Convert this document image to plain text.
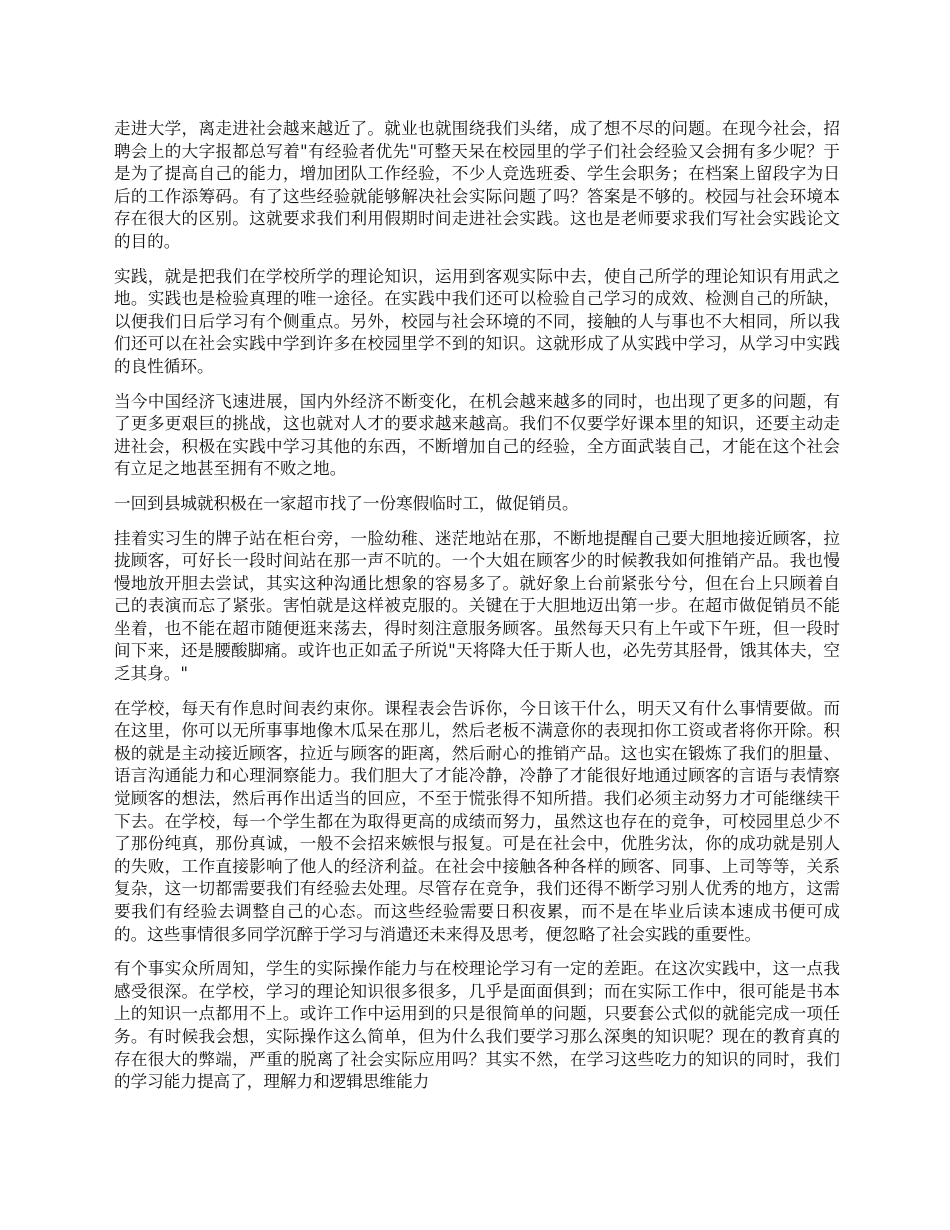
走进大学，离走进社会越来越近了。就业也就围绕我们头绪，成了想不尽的问题。在现今社会，招聘会上的大字报都总写着"有经验者优先"可整天呆在校园里的学子们社会经验又会拥有多少呢？于是为了提高自己的能力，增加团队工作经验，不少人竞选班委、学生会职务；在档案上留段字为日后的工作添筹码。有了这些经验就能够解决社会实际问题了吗？答案是不够的。校园与社会环境本存在很大的区别。这就要求我们利用假期时间走进社会实践。这也是老师要求我们写社会实践论文的目的。

实践，就是把我们在学校所学的理论知识，运用到客观实际中去，使自己所学的理论知识有用武之地。实践也是检验真理的唯一途径。在实践中我们还可以检验自己学习的成效、检测自己的所缺，以便我们日后学习有个侧重点。另外，校园与社会环境的不同，接触的人与事也不大相同，所以我们还可以在社会实践中学到许多在校园里学不到的知识。这就形成了从实践中学习，从学习中实践的良性循环。

当今中国经济飞速进展，国内外经济不断变化，在机会越来越多的同时，也出现了更多的问题，有了更多更艰巨的挑战，这也就对人才的要求越来越高。我们不仅要学好课本里的知识，还要主动走进社会，积极在实践中学习其他的东西，不断增加自己的经验，全方面武装自己，才能在这个社会有立足之地甚至拥有不败之地。

一回到县城就积极在一家超市找了一份寒假临时工，做促销员。

挂着实习生的牌子站在柜台旁，一脸幼稚、迷茫地站在那，不断地提醒自己要大胆地接近顾客，拉拢顾客，可好长一段时间站在那一声不吭的。一个大姐在顾客少的时候教我如何推销产品。我也慢慢地放开胆去尝试，其实这种沟通比想象的容易多了。就好象上台前紧张兮兮，但在台上只顾着自己的表演而忘了紧张。害怕就是这样被克服的。关键在于大胆地迈出第一步。在超市做促销员不能坐着，也不能在超市随便逛来荡去，得时刻注意服务顾客。虽然每天只有上午或下午班，但一段时间下来，还是腰酸脚痛。或许也正如孟子所说"天将降大任于斯人也，必先劳其胫骨，饿其体夫，空乏其身。"

在学校，每天有作息时间表约束你。课程表会告诉你，今日该干什么，明天又有什么事情要做。而在这里，你可以无所事事地像木瓜呆在那儿，然后老板不满意你的表现扣你工资或者将你开除。积极的就是主动接近顾客，拉近与顾客的距离，然后耐心的推销产品。这也实在锻炼了我们的胆量、语言沟通能力和心理洞察能力。我们胆大了才能冷静，冷静了才能很好地通过顾客的言语与表情察觉顾客的想法，然后再作出适当的回应，不至于慌张得不知所措。我们必须主动努力才可能继续干下去。在学校，每一个学生都在为取得更高的成绩而努力，虽然这也存在的竞争，可校园里总少不了那份纯真，那份真诚，一般不会招来嫉恨与报复。可是在社会中，优胜劣汰，你的成功就是别人的失败，工作直接影响了他人的经济利益。在社会中接触各种各样的顾客、同事、上司等等，关系复杂，这一切都需要我们有经验去处理。尽管存在竞争，我们还得不断学习别人优秀的地方，这需要我们有经验去调整自己的心态。而这些经验需要日积夜累，而不是在毕业后读本速成书便可成的。这些事情很多同学沉醉于学习与消遣还未来得及思考，便忽略了社会实践的重要性。

有个事实众所周知，学生的实际操作能力与在校理论学习有一定的差距。在这次实践中，这一点我感受很深。在学校，学习的理论知识很多很多，几乎是面面俱到；而在实际工作中，很可能是书本上的知识一点都用不上。或许工作中运用到的只是很简单的问题，只要套公式似的就能完成一项任务。有时候我会想，实际操作这么简单，但为什么我们要学习那么深奥的知识呢？现在的教育真的存在很大的弊端，严重的脱离了社会实际应用吗？其实不然，在学习这些吃力的知识的同时，我们的学习能力提高了，理解力和逻辑思维能力
